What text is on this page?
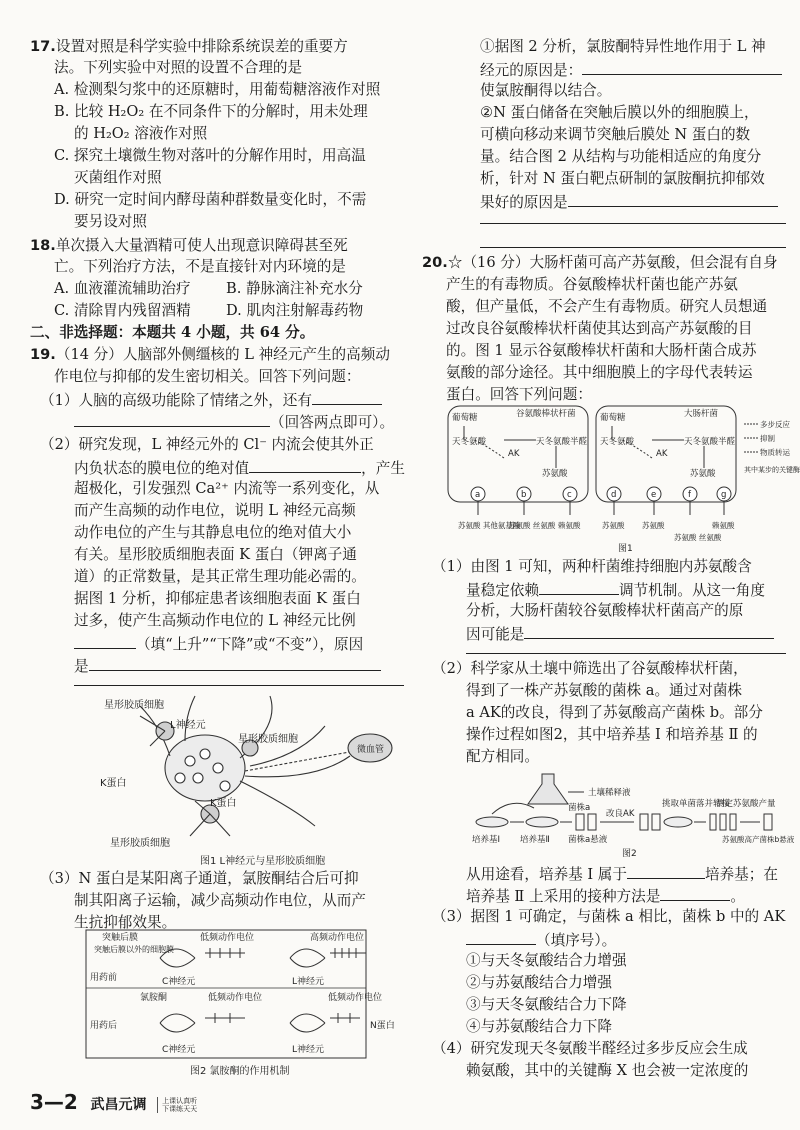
17.设置对照是科学实验中排除系统误差的重要方
法。下列实验中对照的设置不合理的是
A. 检测梨匀浆中的还原糖时，用葡萄糖溶液作对照
B. 比较 H₂O₂ 在不同条件下的分解时，用未处理
的 H₂O₂ 溶液作对照
C. 探究土壤微生物对落叶的分解作用时，用高温
灭菌组作对照
D. 研究一定时间内酵母菌种群数量变化时，不需
要另设对照
18.单次摄入大量酒精可使人出现意识障碍甚至死
亡。下列治疗方法，不是直接针对内环境的是
A. 血液灌流辅助治疗 B. 静脉滴注补充水分
C. 清除胃内残留酒精 D. 肌肉注射解毒药物
二、非选择题：本题共 4 小题，共 64 分。
19.（14 分）人脑部外侧缰核的 L 神经元产生的高频动
作电位与抑郁的发生密切相关。回答下列问题：
（1）人脑的高级功能除了情绪之外，还有
（回答两点即可）。
（2）研究发现，L 神经元外的 Cl⁻ 内流会使其外正
内负状态的膜电位的绝对值	，产生
超极化，引发强烈 Ca²⁺ 内流等一系列变化，从
而产生高频的动作电位，说明 L 神经元高频
动作电位的产生与其静息电位的绝对值大小
有关。星形胶质细胞表面 K 蛋白（钾离子通
道）的正常数量，是其正常生理功能必需的。
据图 1 分析，抑郁症患者该细胞表面 K 蛋白
过多，使产生高频动作电位的 L 神经元比例
（填“上升”“下降”或“不变”），原因
是
星形胶质细胞
L神经元
星形胶质细胞
微血管
K蛋白
K蛋白
星形胶质细胞
图1 L神经元与星形胶质细胞
（3）N 蛋白是某阳离子通道，氯胺酮结合后可抑
制其阳离子运输，减少高频动作电位，从而产
生抗抑郁效果。
突触后膜
突触后膜以外的细胞膜
低频动作电位	高频动作电位
用药前	C神经元	L神经元
氯胺酮	低频动作电位	低频动作电位
用药后
C神经元	L神经元
N蛋白
图2 氯胺酮的作用机制
①据图 2 分析，氯胺酮特异性地作用于 L 神
经元的原因是：
使氯胺酮得以结合。
②N 蛋白储备在突触后膜以外的细胞膜上，
可横向移动来调节突触后膜处 N 蛋白的数
量。结合图 2 从结构与功能相适应的角度分
析，针对 N 蛋白靶点研制的氯胺酮抗抑郁效
果好的原因是
20.☆（16 分）大肠杆菌可高产苏氨酸，但会混有自身
产生的有毒物质。谷氨酸棒状杆菌也能产苏氨
酸，但产量低，不会产生有毒物质。研究人员想通
过改良谷氨酸棒状杆菌使其达到高产苏氨酸的目
的。图 1 显示谷氨酸棒状杆菌和大肠杆菌合成苏
氨酸的部分途径。其中细胞膜上的字母代表转运
蛋白。回答下列问题：
葡萄糖	谷氨酸棒状杆菌	葡萄糖	大肠杆菌
天冬氨酸	天冬氨酸半醛 天冬氨酸	天冬氨酸半醛
AK	AK
苏氨酸	苏氨酸
多步反应
抑制
物质转运
其中某步的关键酶
a	b	c	d	e	f	g
苏氨酸 其他氨基酸
苏氨酸 丝氨酸 赖氨酸	苏氨酸 苏氨酸
苏氨酸 丝氨酸
赖氨酸
图1
（1）由图 1 可知，两种杆菌维持细胞内苏氨酸含
量稳定依赖	调节机制。从这一角度
分析，大肠杆菌较谷氨酸棒状杆菌高产的原
因可能是
（2）科学家从土壤中筛选出了谷氨酸棒状杆菌，
得到了一株产苏氨酸的菌株 a。通过对菌株
a AK的改良，得到了苏氨酸高产菌株 b。部分
操作过程如图2，其中培养基 Ⅰ 和培养基 Ⅱ 的
配方相同。
土壤稀释液
培养基Ⅰ 培养基Ⅱ
菌株a
菌株a悬液
改良AK
挑取单菌落并转接
测定苏氨酸产量
苏氨酸高产菌株b悬液
图2
从用途看，培养基 Ⅰ 属于	培养基；在
培养基 Ⅱ 上采用的接种方法是	。
（3）据图 1 可确定，与菌株 a 相比，菌株 b 中的 AK
（填序号）。
①与天冬氨酸结合力增强
②与苏氨酸结合力增强
③与天冬氨酸结合力下降
④与苏氨酸结合力下降
（4）研究发现天冬氨酸半醛经过多步反应会生成
赖氨酸，其中的关键酶 X 也会被一定浓度的
3—2 武昌元调 上课认真听
下课练天天
